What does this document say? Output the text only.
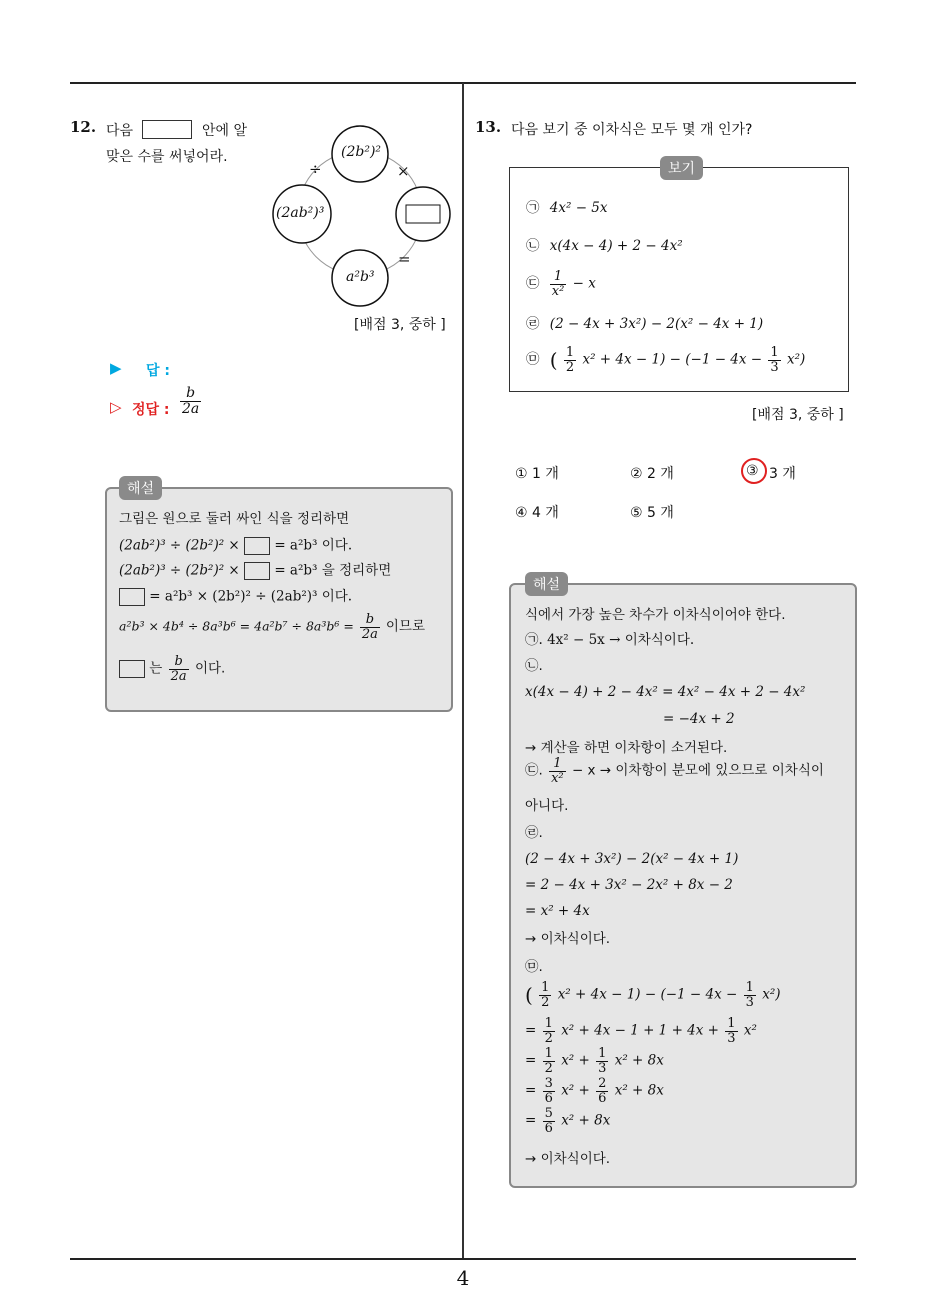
4
12. 다음	안에 알
맞은 수를 써넣어라.	(2b²)²
(2ab²)³
a²b³
÷	×
=
[배점 3, 중하 ]
▶ 답 :
▷ 정답 : $\frac{b}{2a}$
해설
그림은 원으로 둘러 싸인 식을 정리하면
(2ab²)³ ÷ (2b²)² ×	= a²b³ 이다.
(2ab²)³ ÷ (2b²)² ×	= a²b³ 을 정리하면
= a²b³ × (2b²)² ÷ (2ab²)³ 이다.
$a^2b^3 \times 4b^4 \div 8a^3b^6 = 4a^2b^7 \div 8a^3b^6 = \frac{b}{2a}$ 이므로
는 $\frac{b}{2a}$ 이다.
13. 다음 보기 중 이차식은 모두 몇 개 인가?
보기
㉠ 4x² − 5x
㉡ x(4x − 4) + 2 − 4x²
㉢ $\frac{1}{\text{x²}} - x$
㉣ (2 − 4x + 3x²) − 2(x² − 4x + 1)
㉤ ( $\frac{1}{2} x^2 + 4x - 1) - (-1 - 4x - \frac{1}{3} x^2)$
[배점 3, 중하 ]
① 1 개	② 2 개	③ 3 개
④ 4 개	⑤ 5 개
해설
식에서 가장 높은 차수가 이차식이어야 한다.
㉠. 4x² − 5x → 이차식이다.
㉡.
x(4x − 4) + 2 − 4x² = 4x² − 4x + 2 − 4x²
= −4x + 2
→ 계산을 하면 이차항이 소거된다.
㉢. $\frac{1}{\text{x²}} - x$ → 이차항이 분모에 있으므로 이차식이
아니다.
㉣.
(2 − 4x + 3x²) − 2(x² − 4x + 1)
= 2 − 4x + 3x² − 2x² + 8x − 2
= x² + 4x
→ 이차식이다.
㉤.
( $\frac{1}{2} x^2 + 4x - 1) - (-1 - 4x - \frac{1}{3} x^2)$
= $\frac{1}{2} x^2 + 4x - 1 + 1 + 4x + \frac{1}{3} x^2$
= $\frac{1}{2} x^2 + \frac{1}{3} x^2 + 8x$
= $\frac{3}{6} x^2 + \frac{2}{6} x^2 + 8x$
= $\frac{5}{6} x^2 + 8x$
→ 이차식이다.
